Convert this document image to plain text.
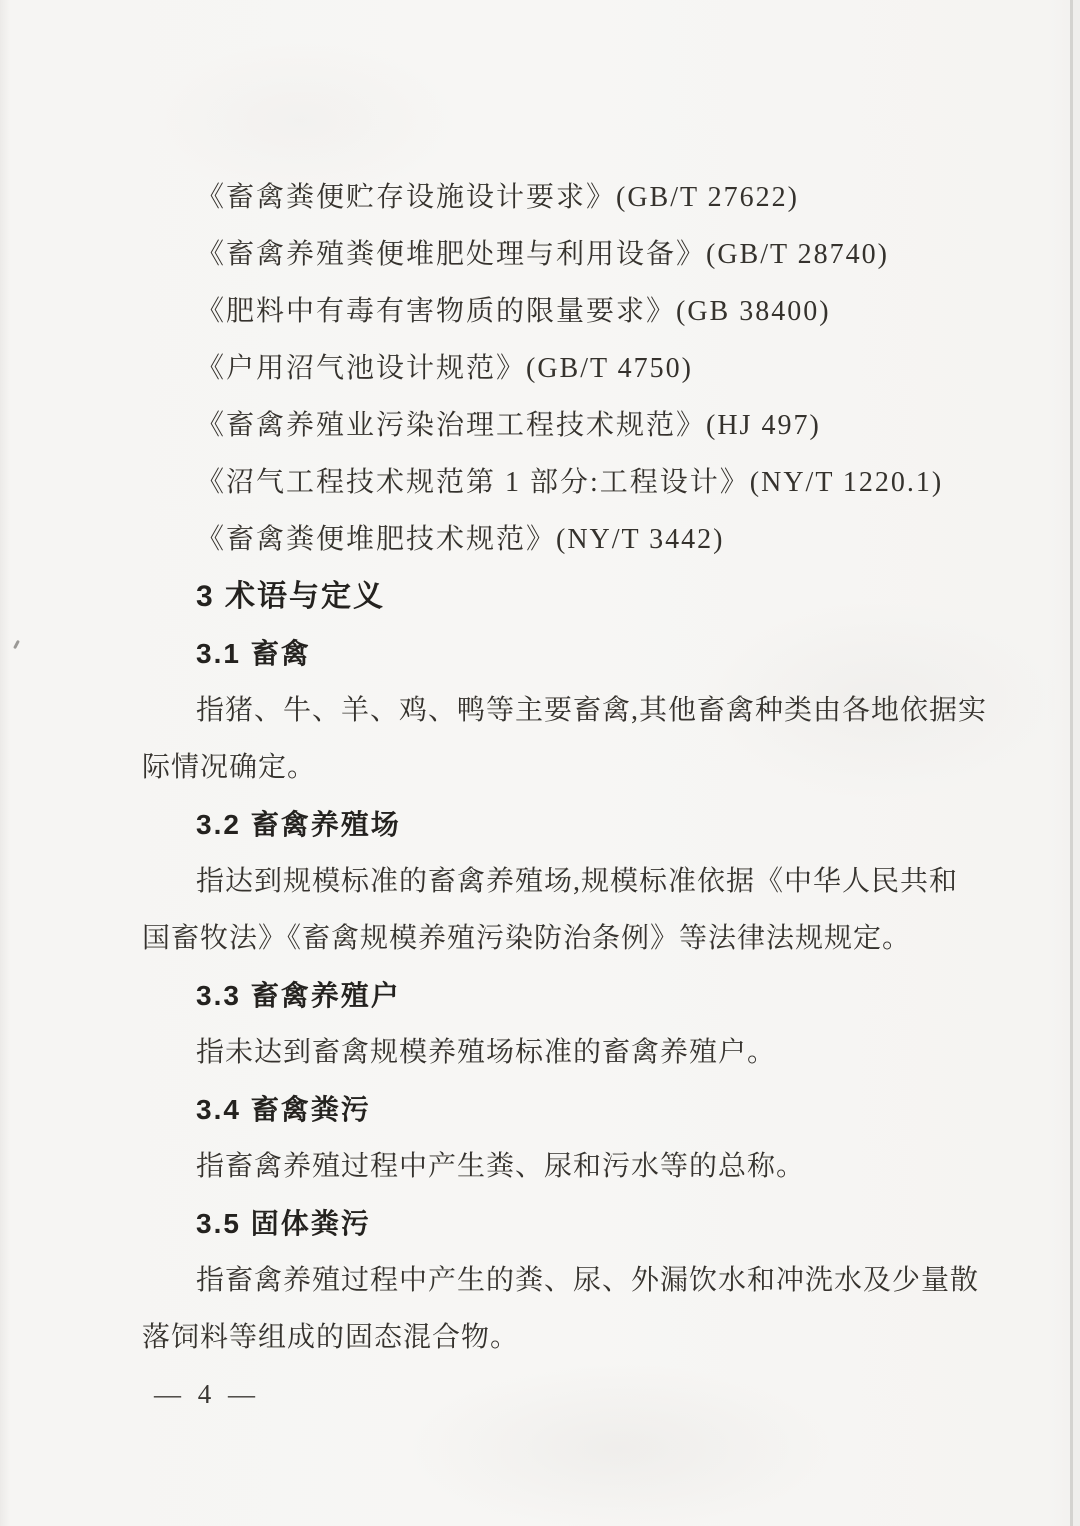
《畜禽粪便贮存设施设计要求》(GB/T 27622)
《畜禽养殖粪便堆肥处理与利用设备》(GB/T 28740)
《肥料中有毒有害物质的限量要求》(GB 38400)
《户用沼气池设计规范》(GB/T 4750)
《畜禽养殖业污染治理工程技术规范》(HJ 497)
《沼气工程技术规范第 1 部分:工程设计》(NY/T 1220.1)
《畜禽粪便堆肥技术规范》(NY/T 3442)
3 术语与定义
3.1 畜禽
指猪、牛、羊、鸡、鸭等主要畜禽,其他畜禽种类由各地依据实
际情况确定。
3.2 畜禽养殖场
指达到规模标准的畜禽养殖场,规模标准依据《中华人民共和
国畜牧法》《畜禽规模养殖污染防治条例》等法律法规规定。
3.3 畜禽养殖户
指未达到畜禽规模养殖场标准的畜禽养殖户。
3.4 畜禽粪污
指畜禽养殖过程中产生粪、尿和污水等的总称。
3.5 固体粪污
指畜禽养殖过程中产生的粪、尿、外漏饮水和冲洗水及少量散
落饲料等组成的固态混合物。
— 4 —
